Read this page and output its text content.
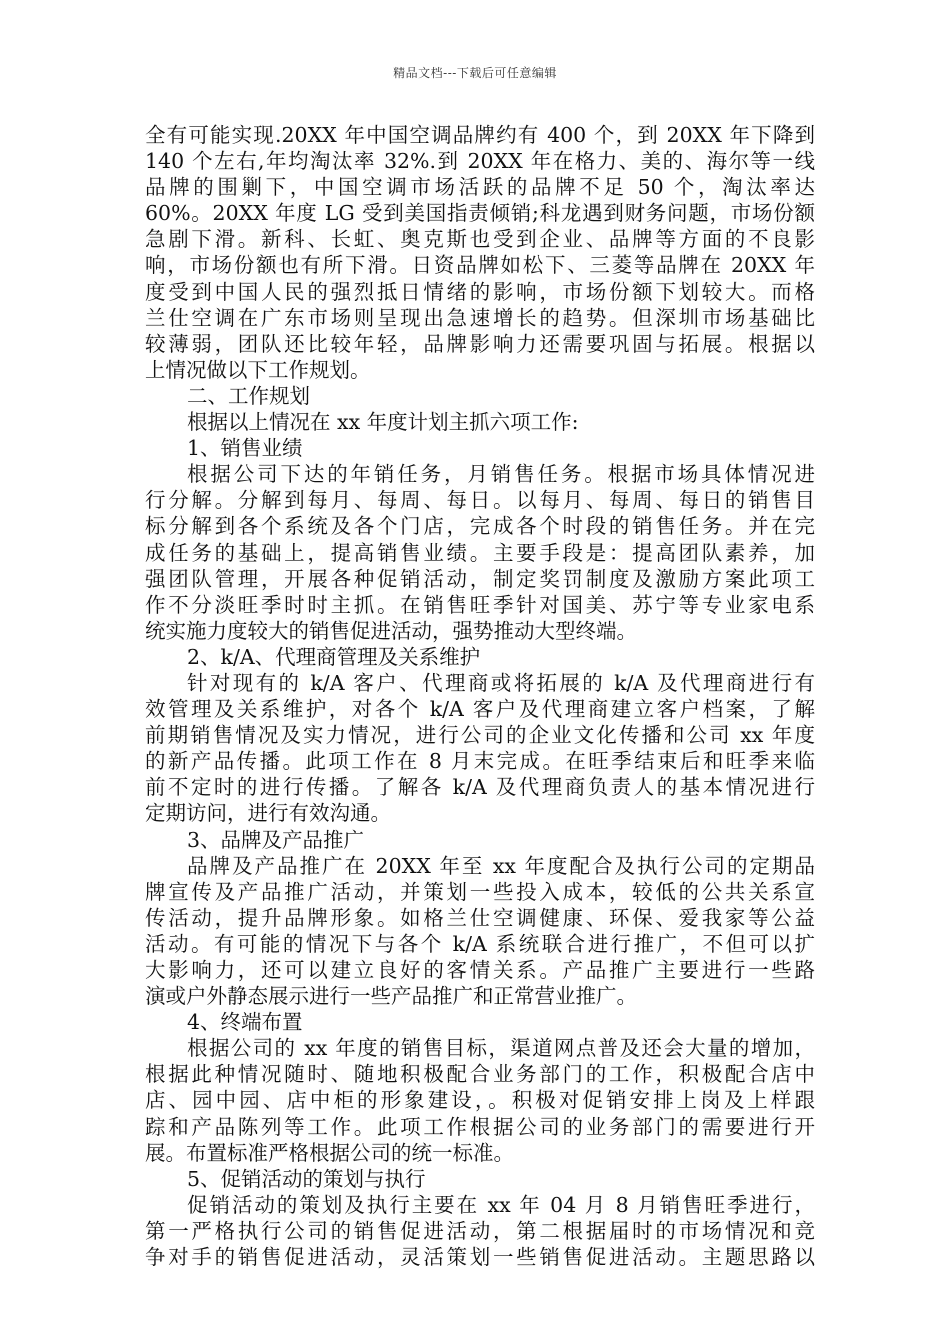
精品文档---下载后可任意编辑

全有可能实现.20XX 年中国空调品牌约有 400 个，到 20XX 年下降到

140 个左右,年均淘汰率 32%.到 20XX 年在格力、美的、海尔等一线

品牌的围剿下，中国空调市场活跃的品牌不足 50 个，淘汰率达

60%。20XX 年度 LG 受到美国指责倾销;科龙遇到财务问题，市场份额

急剧下滑。新科、长虹、奥克斯也受到企业、品牌等方面的不良影

响，市场份额也有所下滑。日资品牌如松下、三菱等品牌在 20XX 年

度受到中国人民的强烈抵日情绪的影响，市场份额下划较大。而格

兰仕空调在广东市场则呈现出急速增长的趋势。但深圳市场基础比

较薄弱，团队还比较年轻，品牌影响力还需要巩固与拓展。根据以

上情况做以下工作规划。

二、工作规划

根据以上情况在 xx 年度计划主抓六项工作:

1、销售业绩

根据公司下达的年销任务，月销售任务。根据市场具体情况进

行分解。分解到每月、每周、每日。以每月、每周、每日的销售目

标分解到各个系统及各个门店，完成各个时段的销售任务。并在完

成任务的基础上，提高销售业绩。主要手段是：提高团队素养，加

强团队管理，开展各种促销活动，制定奖罚制度及激励方案此项工

作不分淡旺季时时主抓。在销售旺季针对国美、苏宁等专业家电系

统实施力度较大的销售促进活动，强势推动大型终端。

2、k/A、代理商管理及关系维护

针对现有的 k/A 客户、代理商或将拓展的 k/A 及代理商进行有

效管理及关系维护，对各个 k/A 客户及代理商建立客户档案，了解

前期销售情况及实力情况，进行公司的企业文化传播和公司 xx 年度

的新产品传播。此项工作在 8 月末完成。在旺季结束后和旺季来临

前不定时的进行传播。了解各 k/A 及代理商负责人的基本情况进行

定期访问，进行有效沟通。

3、品牌及产品推广

品牌及产品推广在 20XX 年至 xx 年度配合及执行公司的定期品

牌宣传及产品推广活动，并策划一些投入成本，较低的公共关系宣

传活动，提升品牌形象。如格兰仕空调健康、环保、爱我家等公益

活动。有可能的情况下与各个 k/A 系统联合进行推广，不但可以扩

大影响力，还可以建立良好的客情关系。产品推广主要进行一些路

演或户外静态展示进行一些产品推广和正常营业推广。

4、终端布置

根据公司的 xx 年度的销售目标，渠道网点普及还会大量的增加，

根据此种情况随时、随地积极配合业务部门的工作，积极配合店中

店、园中园、店中柜的形象建设，。积极对促销安排上岗及上样跟

踪和产品陈列等工作。此项工作根据公司的业务部门的需要进行开

展。布置标准严格根据公司的统一标准。

5、促销活动的策划与执行

促销活动的策划及执行主要在 xx 年 04 月 8 月销售旺季进行，

第一严格执行公司的销售促进活动，第二根据届时的市场情况和竞

争对手的销售促进活动，灵活策划一些销售促进活动。主题思路以
